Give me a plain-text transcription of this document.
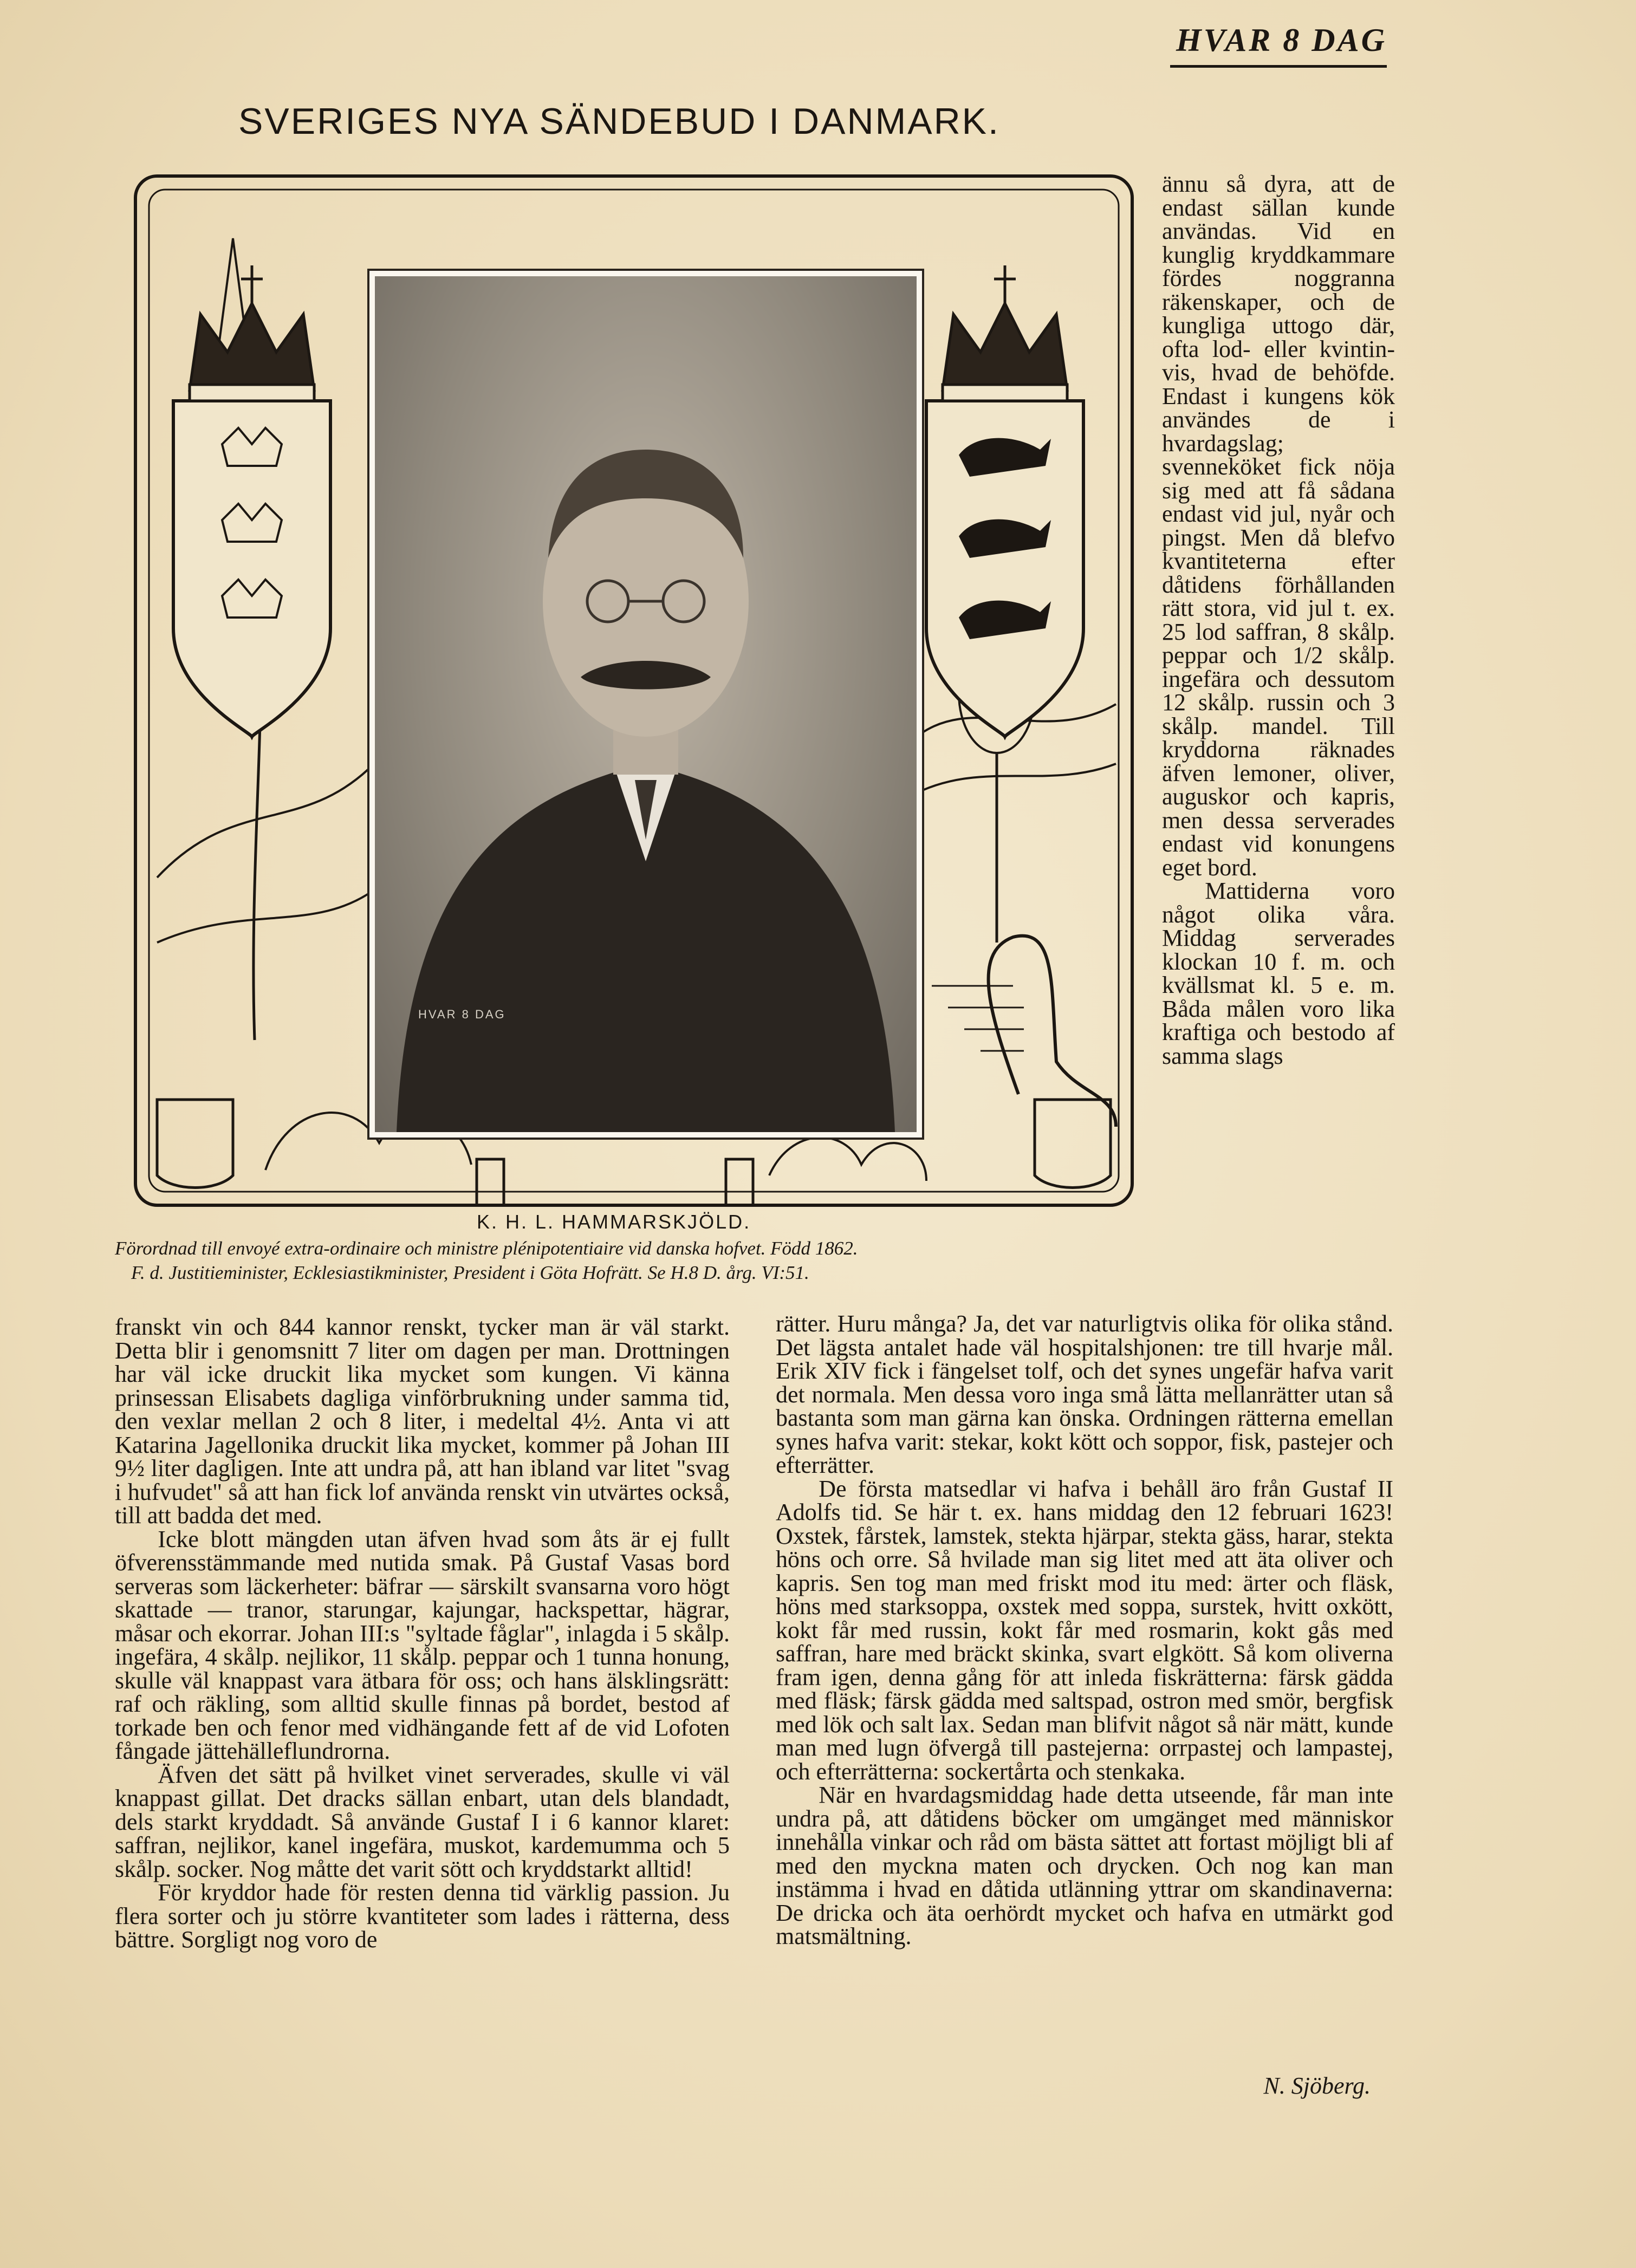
HVAR 8 DAG
SVERIGES NYA SÄNDEBUD I DANMARK.
HVAR 8 DAG
K. H. L. HAMMARSKJÖLD.
Förordnad till envoyé extra-ordinaire och ministre plénipotentiaire vid danska hofvet. Född 1862.
F. d. Justitieminister, Ecklesiastikminister, President i Göta Hofrätt. Se H.8 D. årg. VI:51.

ännu så dyra, att de endast sällan kunde användas. Vid en kunglig kryddkammare fördes noggranna räkenskaper, och de kungliga uttogo där, ofta lod- eller kvintin-vis, hvad de behöfde. Endast i kungens kök användes de i hvardagslag; svenneköket fick nöja sig med att få sådana endast vid jul, nyår och pingst. Men då blefvo kvantiteterna efter dåtidens förhållanden rätt stora, vid jul t. ex. 25 lod saffran, 8 skålp. peppar och 1/2 skålp. ingefära och dessutom 12 skålp. russin och 3 skålp. mandel. Till kryddorna räknades äfven lemoner, oliver, auguskor och kapris, men dessa serverades endast vid konungens eget bord.

Mattiderna voro något olika våra. Middag serverades klockan 10 f. m. och kvällsmat kl. 5 e. m. Båda målen voro lika kraftiga och bestodo af samma slags

franskt vin och 844 kannor renskt, tycker man är väl starkt. Detta blir i genomsnitt 7 liter om dagen per man. Drottningen har väl icke druckit lika mycket som kungen. Vi känna prinsessan Elisabets dagliga vinförbrukning under samma tid, den vexlar mellan 2 och 8 liter, i medeltal 4½. Anta vi att Katarina Jagellonika druckit lika mycket, kommer på Johan III 9½ liter dagligen. Inte att undra på, att han ibland var litet "svag i hufvudet" så att han fick lof använda renskt vin utvärtes också, till att badda det med.

Icke blott mängden utan äfven hvad som åts är ej fullt öfverensstämmande med nutida smak. På Gustaf Vasas bord serveras som läckerheter: bäfrar — särskilt svansarna voro högt skattade — tranor, starungar, kajungar, hackspettar, hägrar, måsar och ekorrar. Johan III:s "syltade fåglar", inlagda i 5 skålp. ingefära, 4 skålp. nejlikor, 11 skålp. peppar och 1 tunna honung, skulle väl knappast vara ätbara för oss; och hans älsklingsrätt: raf och räkling, som alltid skulle finnas på bordet, bestod af torkade ben och fenor med vidhängande fett af de vid Lofoten fångade jättehälleflundrorna.

Äfven det sätt på hvilket vinet serverades, skulle vi väl knappast gillat. Det dracks sällan enbart, utan dels blandadt, dels starkt kryddadt. Så använde Gustaf I i 6 kannor klaret: saffran, nejlikor, kanel ingefära, muskot, kardemumma och 5 skålp. socker. Nog måtte det varit sött och kryddstarkt alltid!

För kryddor hade för resten denna tid värklig passion. Ju flera sorter och ju större kvantiteter som lades i rätterna, dess bättre. Sorgligt nog voro de

rätter. Huru många? Ja, det var naturligtvis olika för olika stånd. Det lägsta antalet hade väl hospitalshjonen: tre till hvarje mål. Erik XIV fick i fängelset tolf, och det synes ungefär hafva varit det normala. Men dessa voro inga små lätta mellanrätter utan så bastanta som man gärna kan önska. Ordningen rätterna emellan synes hafva varit: stekar, kokt kött och soppor, fisk, pastejer och efterrätter.

De första matsedlar vi hafva i behåll äro från Gustaf II Adolfs tid. Se här t. ex. hans middag den 12 februari 1623! Oxstek, fårstek, lamstek, stekta hjärpar, stekta gäss, harar, stekta höns och orre. Så hvilade man sig litet med att äta oliver och kapris. Sen tog man med friskt mod itu med: ärter och fläsk, höns med starksoppa, oxstek med soppa, surstek, hvitt oxkött, kokt får med russin, kokt får med rosmarin, kokt gås med saffran, hare med bräckt skinka, svart elgkött. Så kom oliverna fram igen, denna gång för att inleda fiskrätterna: färsk gädda med fläsk; färsk gädda med saltspad, ostron med smör, bergfisk med lök och salt lax. Sedan man blifvit något så när mätt, kunde man med lugn öfvergå till pastejerna: orrpastej och lampastej, och efterrätterna: sockertårta och stenkaka.

När en hvardagsmiddag hade detta utseende, får man inte undra på, att dåtidens böcker om umgänget med människor innehålla vinkar och råd om bästa sättet att fortast möjligt bli af med den myckna maten och drycken. Och nog kan man instämma i hvad en dåtida utlänning yttrar om skandinaverna: De dricka och äta oerhördt mycket och hafva en utmärkt god matsmältning.

N. Sjöberg.
